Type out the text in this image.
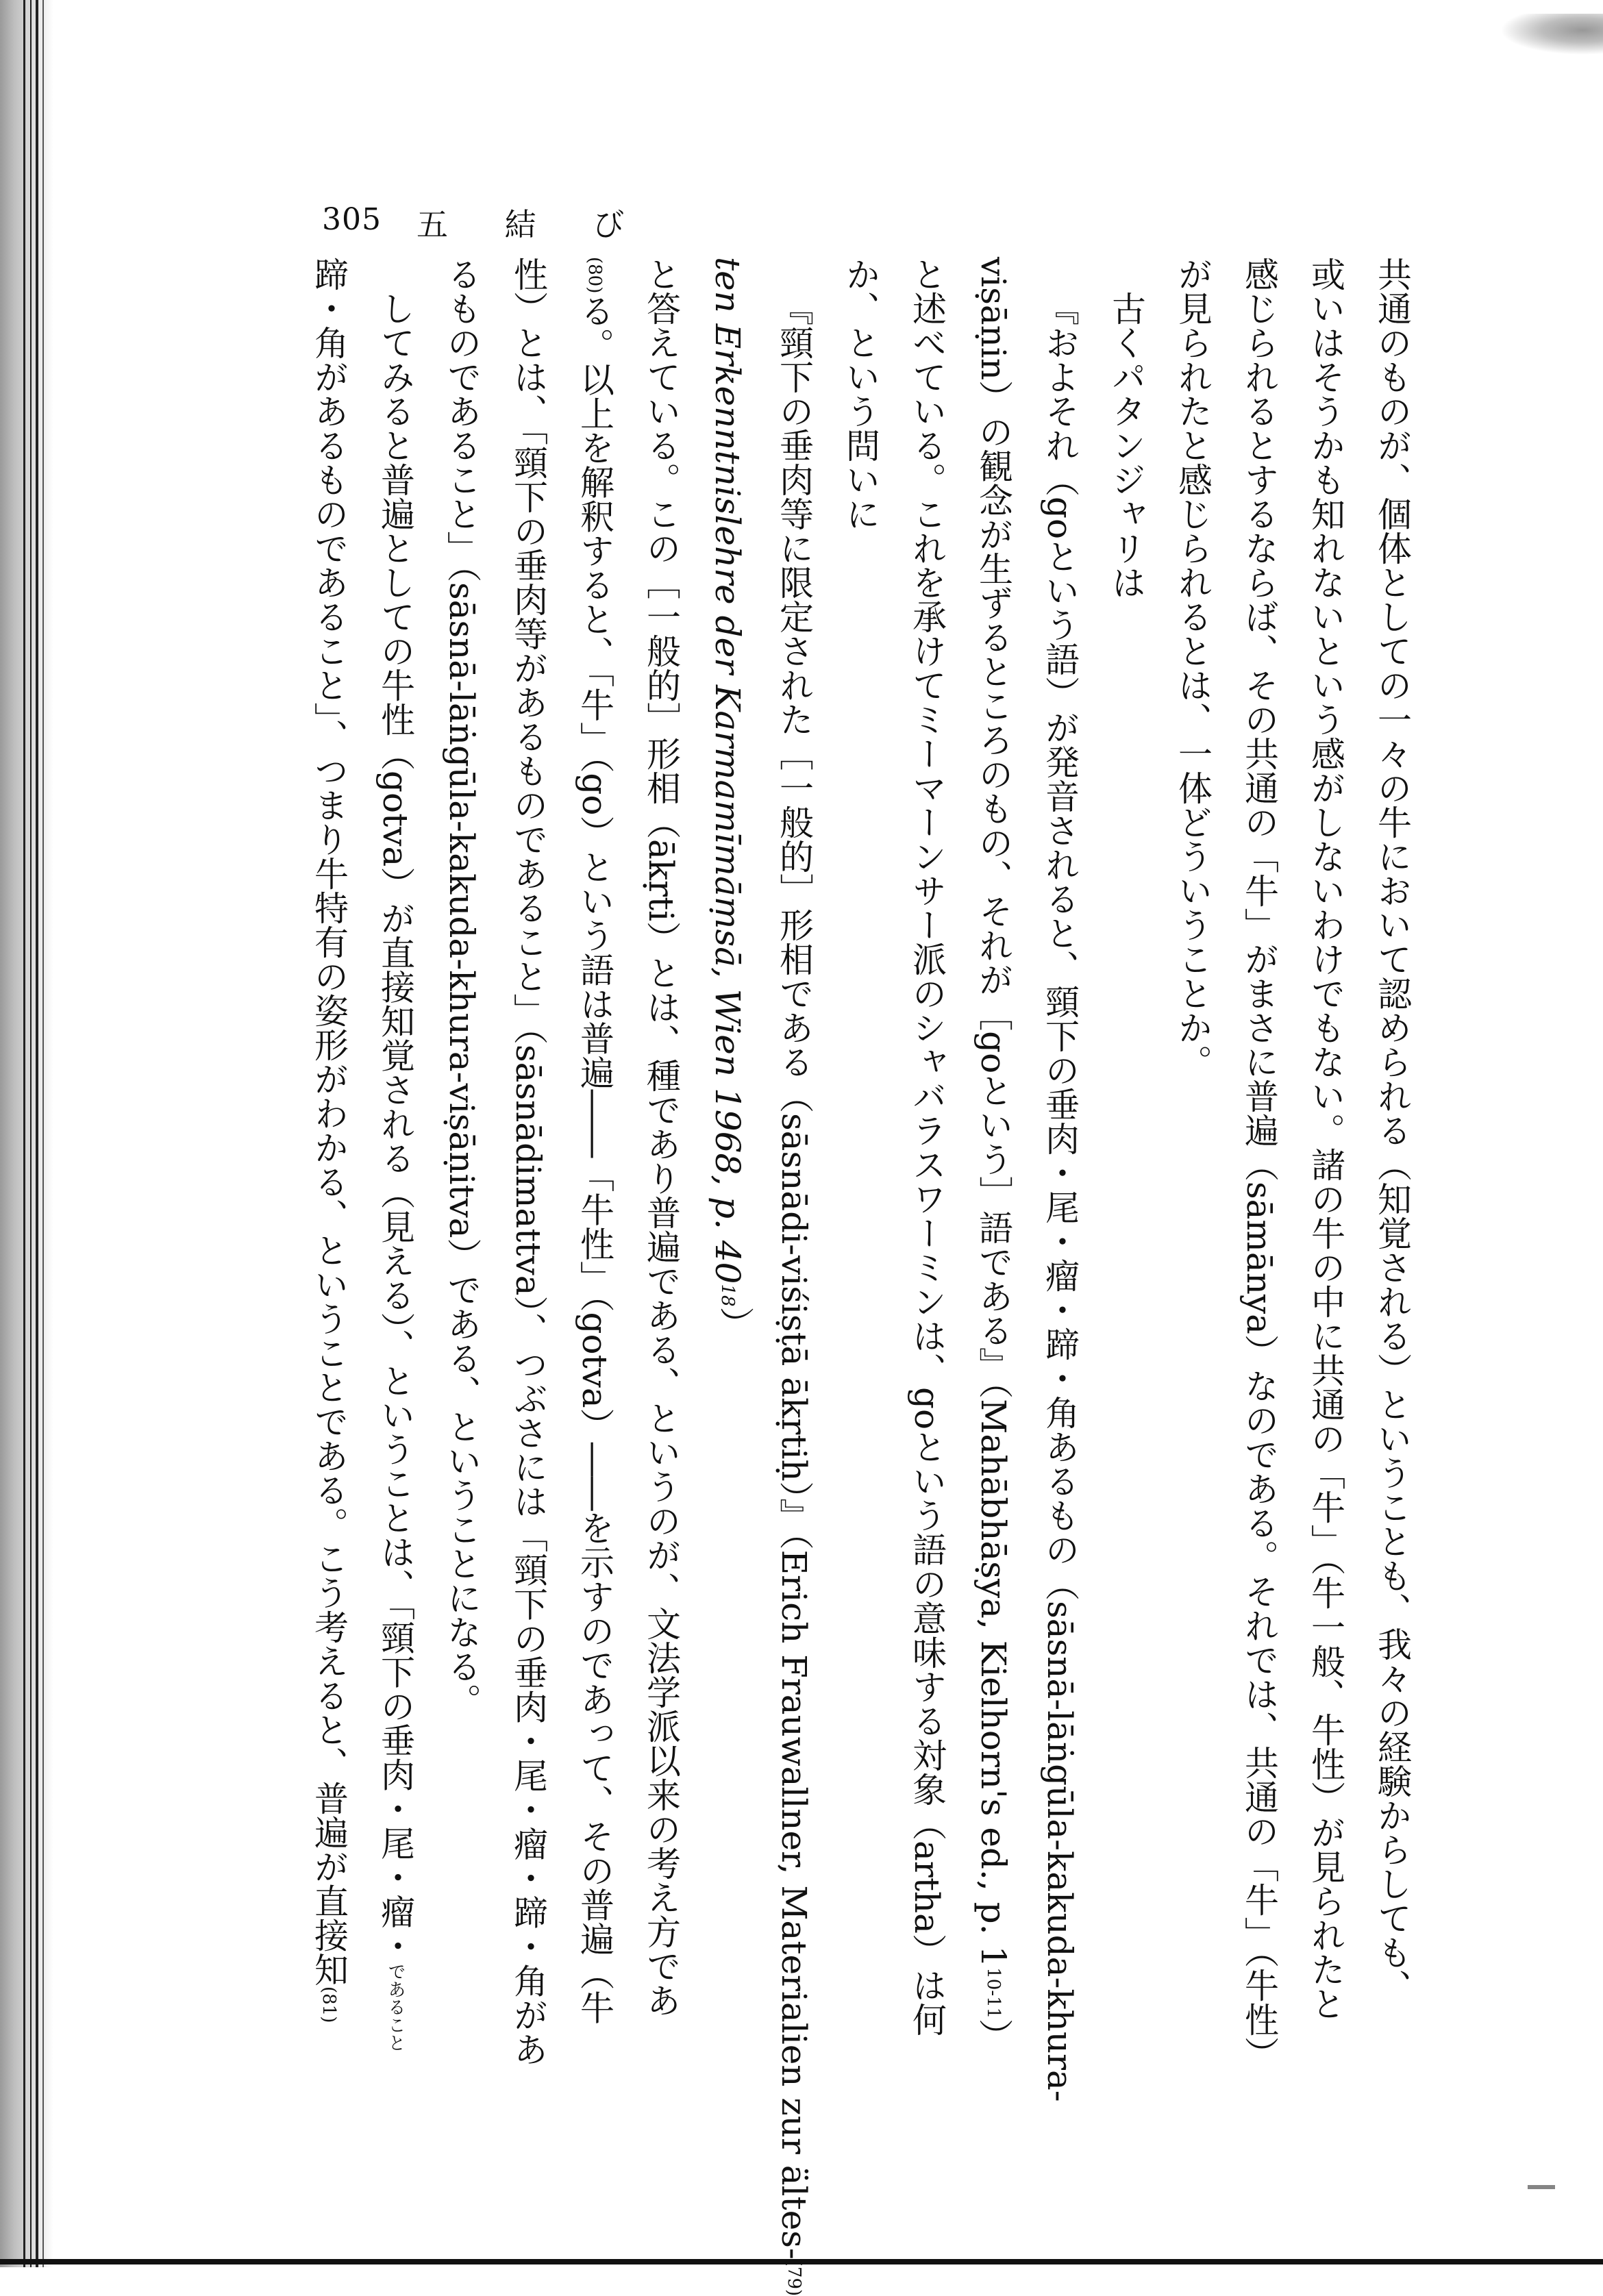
305 五 結 び
共通のものが、個体としての一々の牛において認められる（知覚される）ということも、我々の経験からしても、
或いはそうかも知れないという感がしないわけでもない。諸の牛の中に共通の「牛」（牛一般、牛性）が見られたと
感じられるとするならば、その共通の「牛」がまさに普遍（sāmānya）なのである。それでは、共通の「牛」（牛性）
が見られたと感じられるとは、一体どういうことか。
古くパタンジャリは
『およそれ（goという語）が発音されると、頸下の垂肉・尾・瘤・蹄・角あるもの（sāsnā-lāṅgūla-kakuda-khura-
viṣāṇin）の観念が生ずるところのもの、それが［goという］語である』（Mahābhāṣya, Kielhorn's ed., p. 110-11）
と述べている。これを承けてミーマーンサー派のシャバラスワーミンは、goという語の意味する対象（artha）は何
か、という問いに
『頸下の垂肉等に限定された［一般的］形相である（sāsnādi-viśiṣṭā ākṛtiḥ）』（Erich Frauwallner, Materialien zur ältes-(79)
ten Erkenntnislehre der Karmamīmāṃsā, Wien 1968, p. 4018）
と答えている。この［一般的］形相（ākṛti）とは、種であり普遍である、というのが、文法学派以来の考え方であ
(80)る。以上を解釈すると、「牛」（go）という語は普遍――「牛性」（gotva）――を示すのであって、その普遍（牛
性）とは、「頸下の垂肉等があるものであること」（sāsnādimattva）、つぶさには「頸下の垂肉・尾・瘤・蹄・角があ
るものであること」（sāsnā-lāṅgūla-kakuda-khura-viṣāṇitva）である、ということになる。
してみると普遍としての牛性（gotva）が直接知覚される（見える）、ということは、「頸下の垂肉・尾・瘤・であること
蹄・角があるものであること」、つまり牛特有の姿形がわかる、ということである。こう考えると、普遍が直接知(81)
